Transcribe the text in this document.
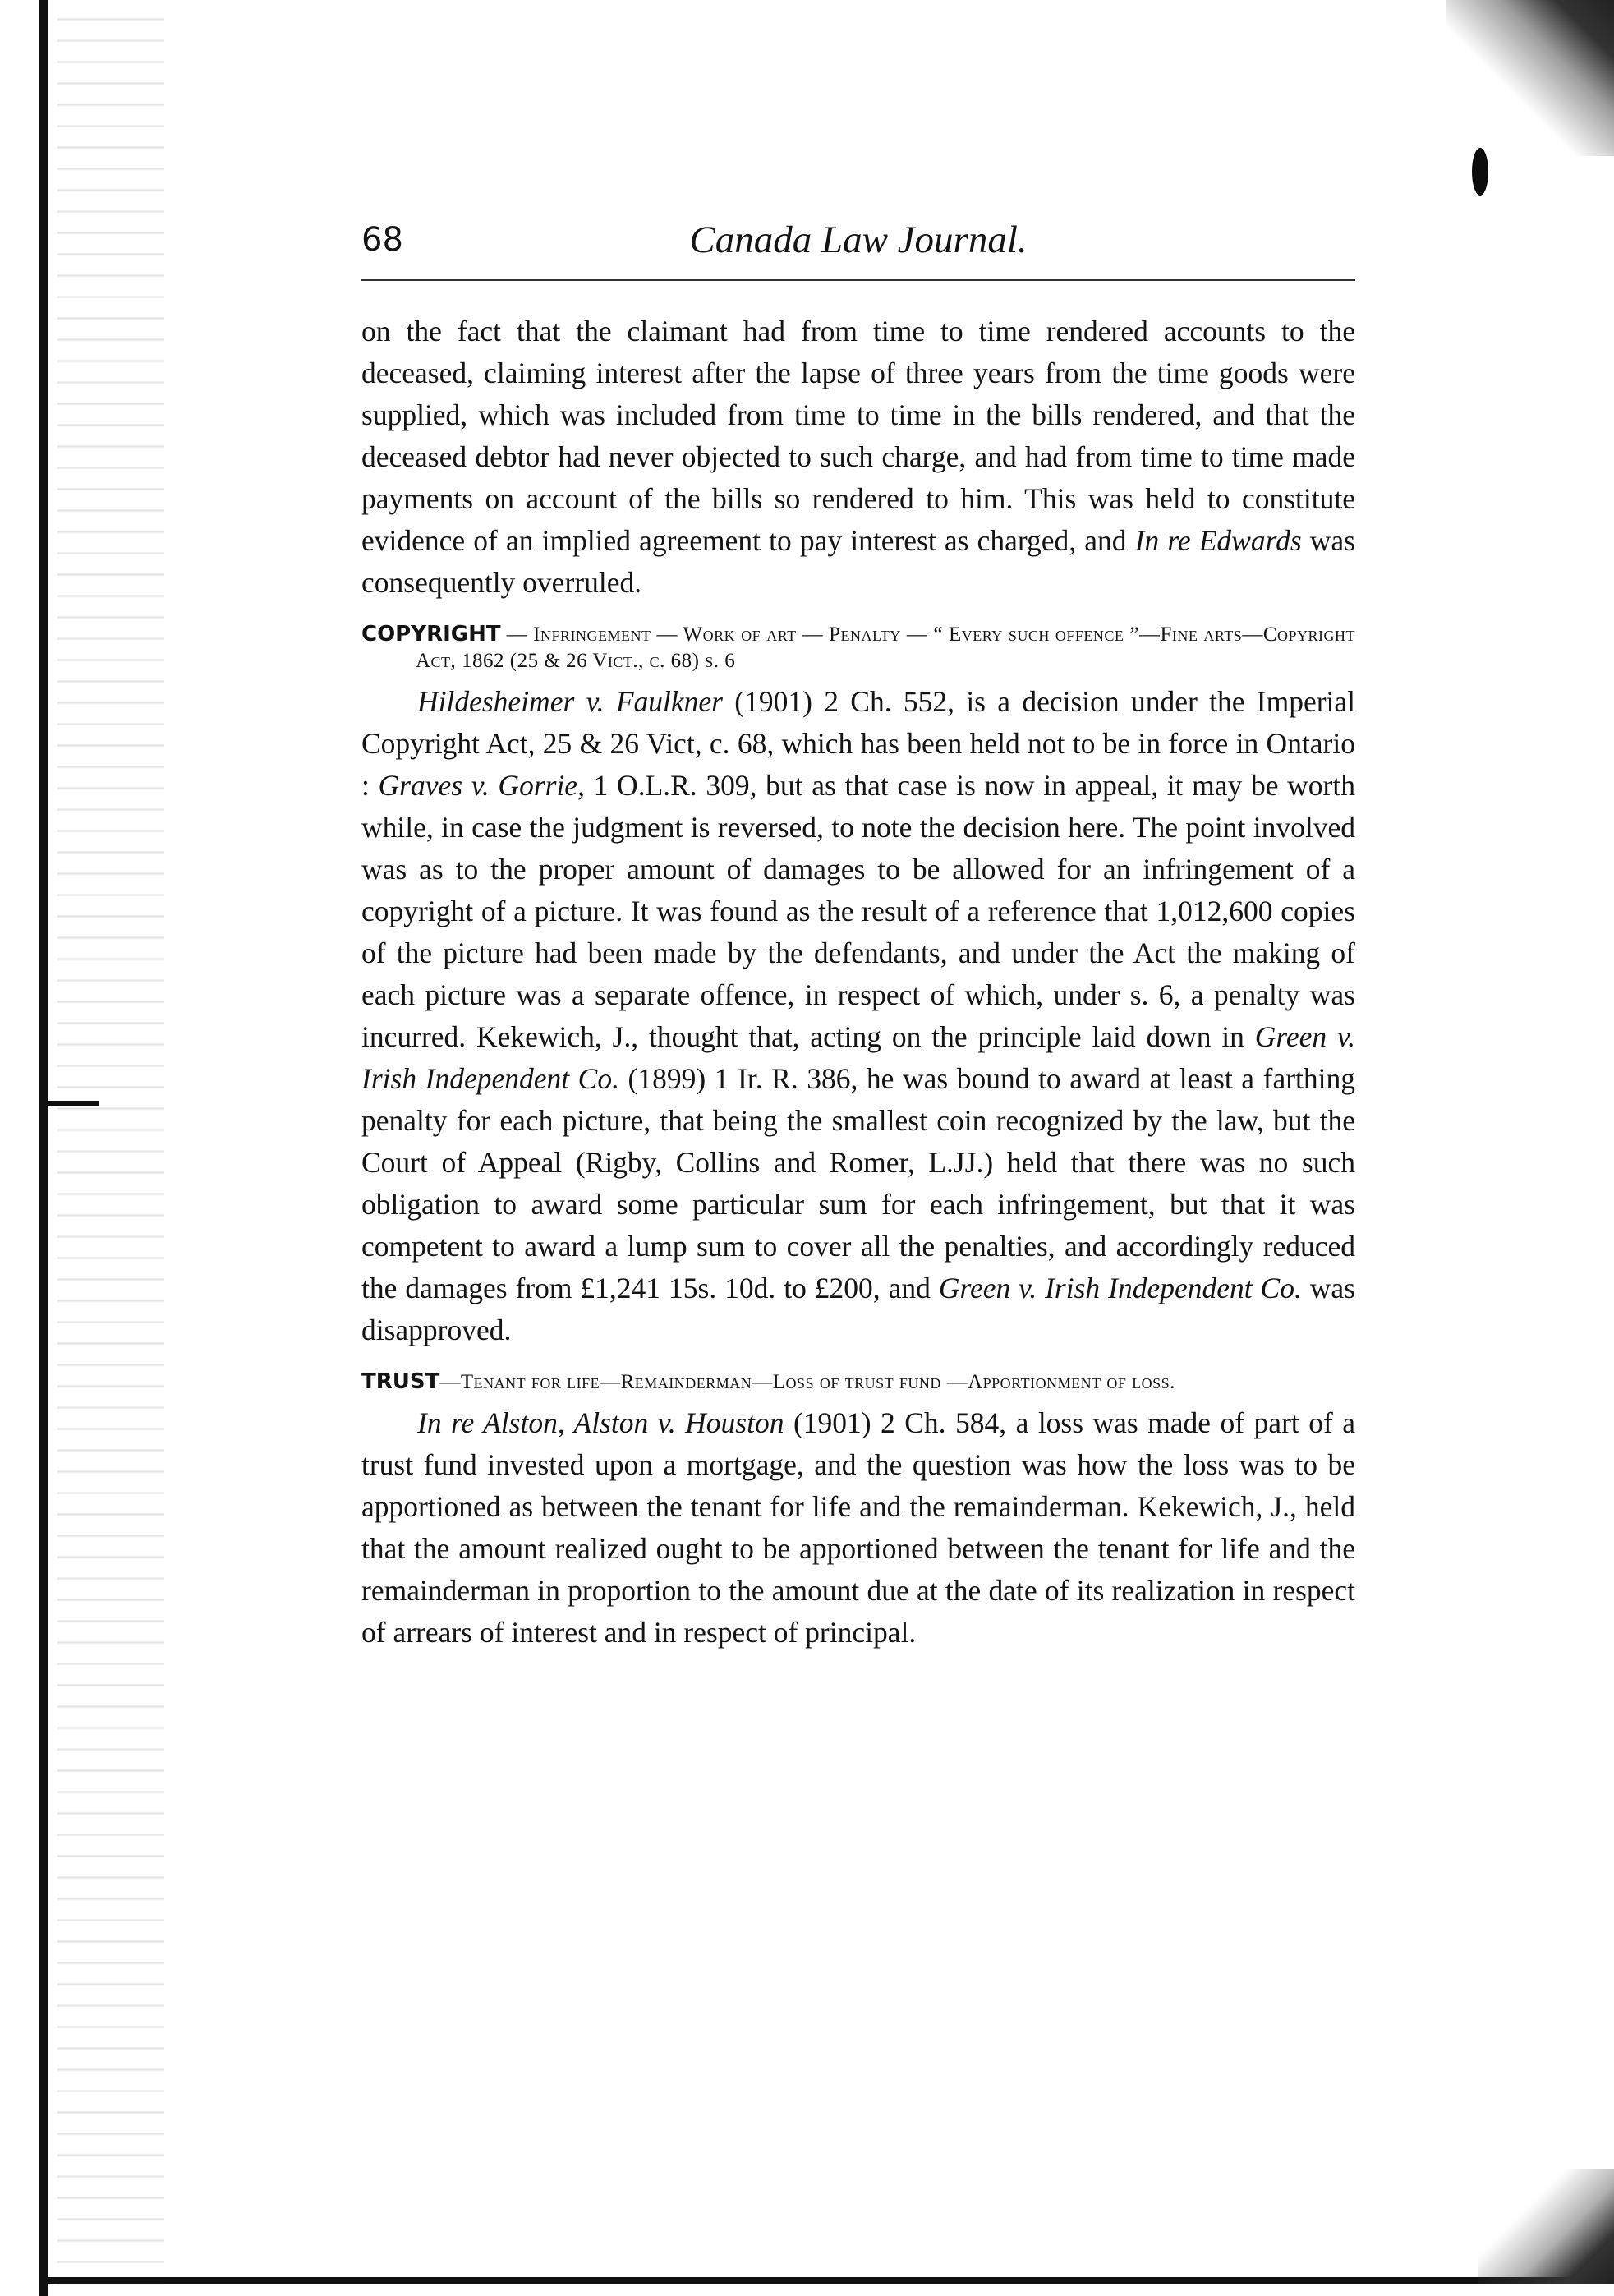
68	Canada Law Journal.

on the fact that the claimant had from time to time rendered accounts to the deceased, claiming interest after the lapse of three years from the time goods were supplied, which was included from time to time in the bills rendered, and that the deceased debtor had never objected to such charge, and had from time to time made payments on account of the bills so rendered to him. This was held to constitute evidence of an implied agreement to pay interest as charged, and In re Edwards was consequently overruled.

COPYRIGHT — Infringement — Work of art — Penalty — “ Every such offence ”—Fine arts—Copyright Act, 1862 (25 & 26 Vict., c. 68) s. 6

Hildesheimer v. Faulkner (1901) 2 Ch. 552, is a decision under the Imperial Copyright Act, 25 & 26 Vict, c. 68, which has been held not to be in force in Ontario : Graves v. Gorrie, 1 O.L.R. 309, but as that case is now in appeal, it may be worth while, in case the judgment is reversed, to note the decision here. The point involved was as to the proper amount of damages to be allowed for an infringement of a copyright of a picture. It was found as the result of a reference that 1,012,600 copies of the picture had been made by the defendants, and under the Act the making of each picture was a separate offence, in respect of which, under s. 6, a penalty was incurred. Kekewich, J., thought that, acting on the principle laid down in Green v. Irish Independent Co. (1899) 1 Ir. R. 386, he was bound to award at least a farthing penalty for each picture, that being the smallest coin recognized by the law, but the Court of Appeal (Rigby, Collins and Romer, L.JJ.) held that there was no such obligation to award some particular sum for each infringement, but that it was competent to award a lump sum to cover all the penalties, and accordingly reduced the damages from £1,241 15s. 10d. to £200, and Green v. Irish Independent Co. was disapproved.

TRUST—Tenant for life—Remainderman—Loss of trust fund —Apportionment of loss.

In re Alston, Alston v. Houston (1901) 2 Ch. 584, a loss was made of part of a trust fund invested upon a mortgage, and the question was how the loss was to be apportioned as between the tenant for life and the remainderman. Kekewich, J., held that the amount realized ought to be apportioned between the tenant for life and the remainderman in proportion to the amount due at the date of its realization in respect of arrears of interest and in respect of principal.
